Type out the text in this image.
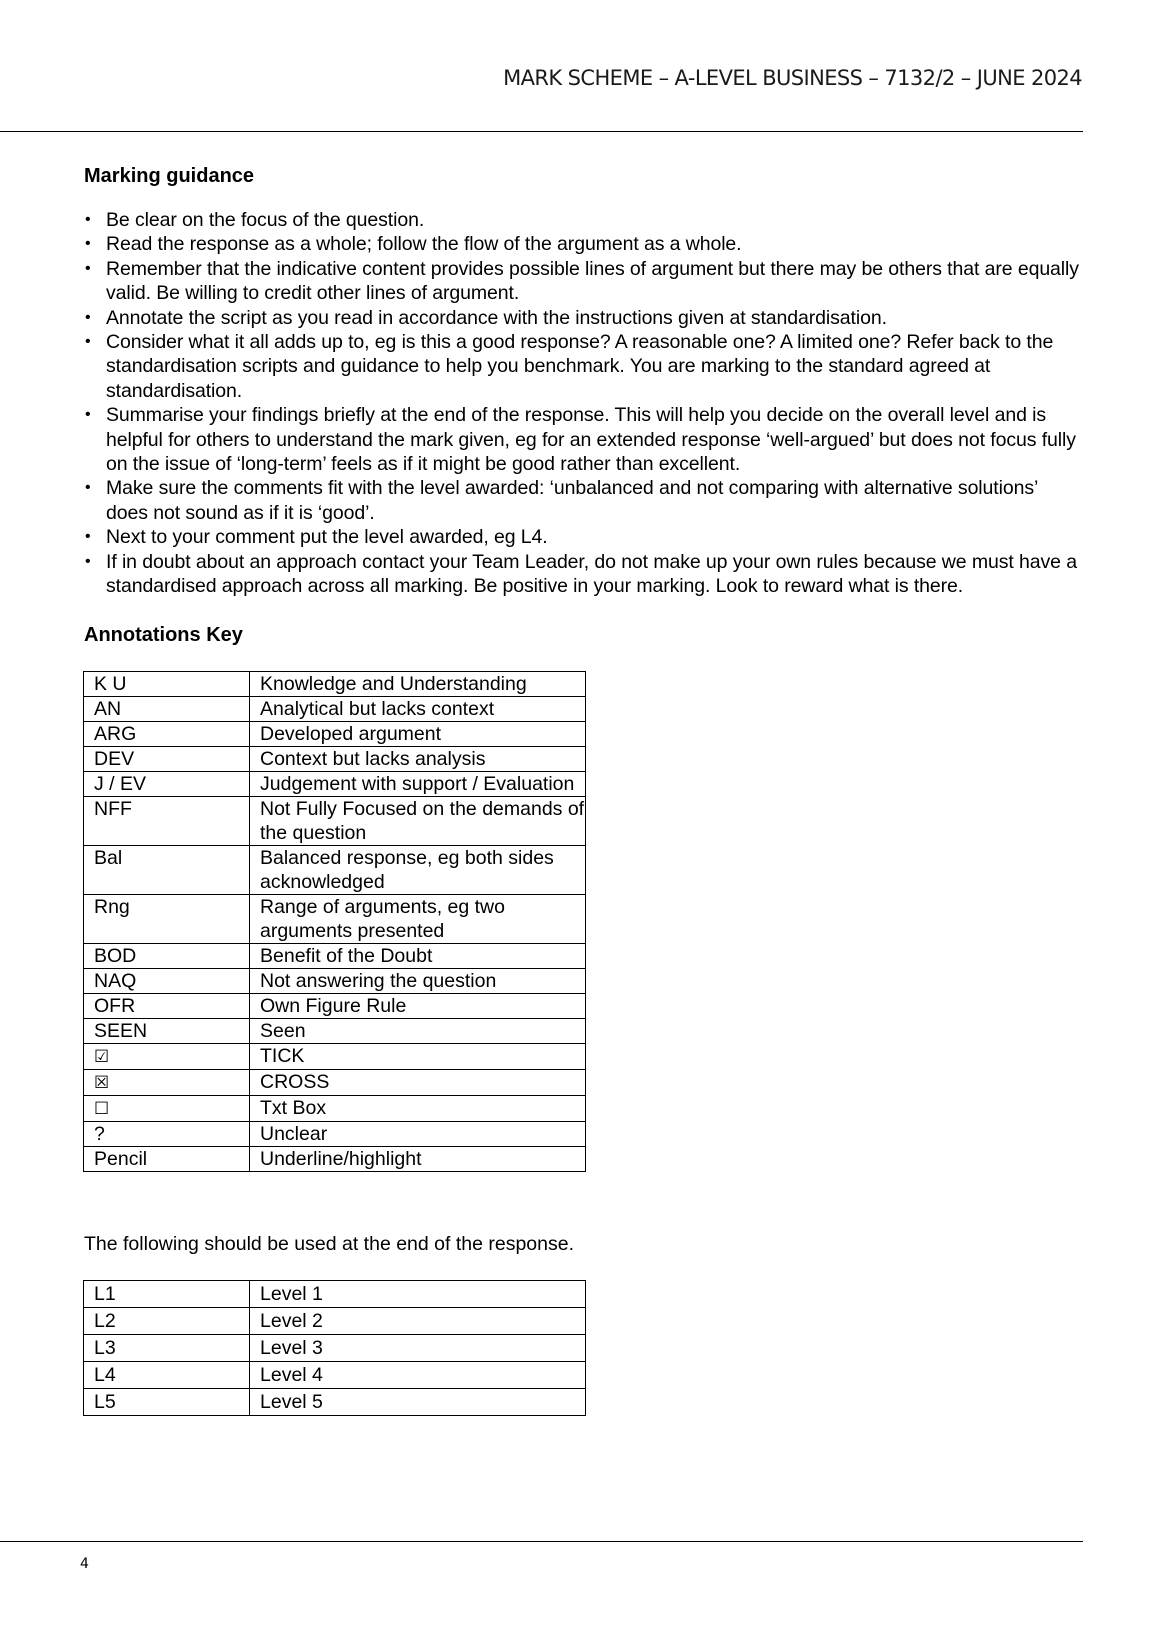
MARK SCHEME – A-LEVEL BUSINESS – 7132/2 – JUNE 2024
Marking guidance
• Be clear on the focus of the question.
• Read the response as a whole; follow the flow of the argument as a whole.
• Remember that the indicative content provides possible lines of argument but there may be others that are equally valid. Be willing to credit other lines of argument.
• Annotate the script as you read in accordance with the instructions given at standardisation.
• Consider what it all adds up to, eg is this a good response? A reasonable one? A limited one? Refer back to the standardisation scripts and guidance to help you benchmark. You are marking to the standard agreed at standardisation.
• Summarise your findings briefly at the end of the response. This will help you decide on the overall level and is helpful for others to understand the mark given, eg for an extended response ‘well-argued’ but does not focus fully on the issue of ‘long-term’ feels as if it might be good rather than excellent.
• Make sure the comments fit with the level awarded: ‘unbalanced and not comparing with alternative solutions’ does not sound as if it is ‘good’.
• Next to your comment put the level awarded, eg L4.
• If in doubt about an approach contact your Team Leader, do not make up your own rules because we must have a standardised approach across all marking. Be positive in your marking. Look to reward what is there.
Annotations Key
K U	Knowledge and Understanding
AN	Analytical but lacks context
ARG	Developed argument
DEV	Context but lacks analysis
J / EV	Judgement with support / Evaluation
NFF	Not Fully Focused on the demands of the question
Bal	Balanced response, eg both sides acknowledged
Rng	Range of arguments, eg two arguments presented
BOD	Benefit of the Doubt
NAQ	Not answering the question
OFR	Own Figure Rule
SEEN	Seen
☑	TICK
☒	CROSS
☐	Txt Box
?	Unclear
Pencil	Underline/highlight
The following should be used at the end of the response.
L1	Level 1
L2	Level 2
L3	Level 3
L4	Level 4
L5	Level 5
4
